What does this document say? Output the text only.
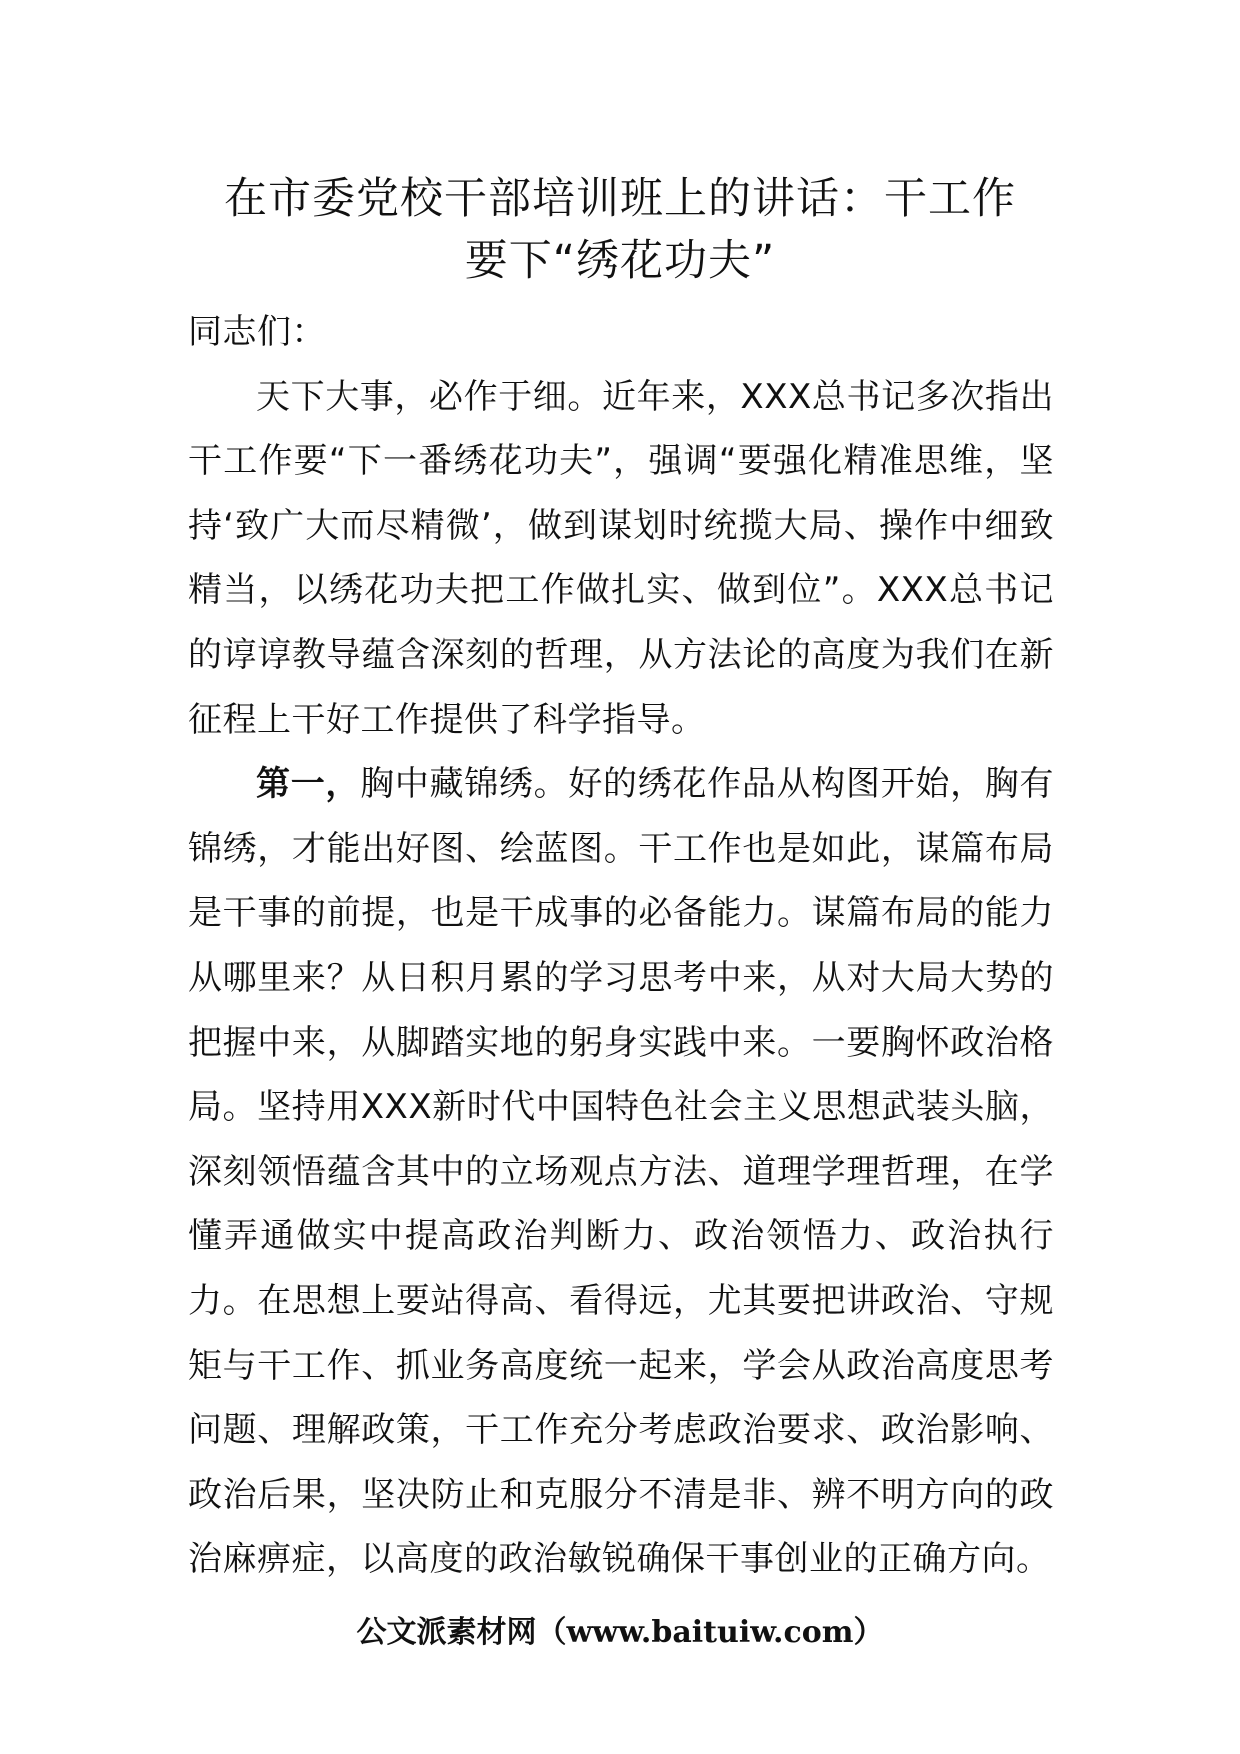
在市委党校干部培训班上的讲话：干工作
要下“绣花功夫”

同志们：

天下大事，必作于细。近年来，XXX总书记多次指出干工作要“下一番绣花功夫”，强调“要强化精准思维，坚持‘致广大而尽精微’，做到谋划时统揽大局、操作中细致精当，以绣花功夫把工作做扎实、做到位”。XXX总书记的谆谆教导蕴含深刻的哲理，从方法论的高度为我们在新征程上干好工作提供了科学指导。

第一，胸中藏锦绣。好的绣花作品从构图开始，胸有锦绣，才能出好图、绘蓝图。干工作也是如此，谋篇布局是干事的前提，也是干成事的必备能力。谋篇布局的能力从哪里来？从日积月累的学习思考中来，从对大局大势的把握中来，从脚踏实地的躬身实践中来。一要胸怀政治格局。坚持用XXX新时代中国特色社会主义思想武装头脑，深刻领悟蕴含其中的立场观点方法、道理学理哲理，在学懂弄通做实中提高政治判断力、政治领悟力、政治执行力。在思想上要站得高、看得远，尤其要把讲政治、守规矩与干工作、抓业务高度统一起来，学会从政治高度思考问题、理解政策，干工作充分考虑政治要求、政治影响、政治后果，坚决防止和克服分不清是非、辨不明方向的政治麻痹症，以高度的政治敏锐确保干事创业的正确方向。

公文派素材网（www.baituiw.com）
